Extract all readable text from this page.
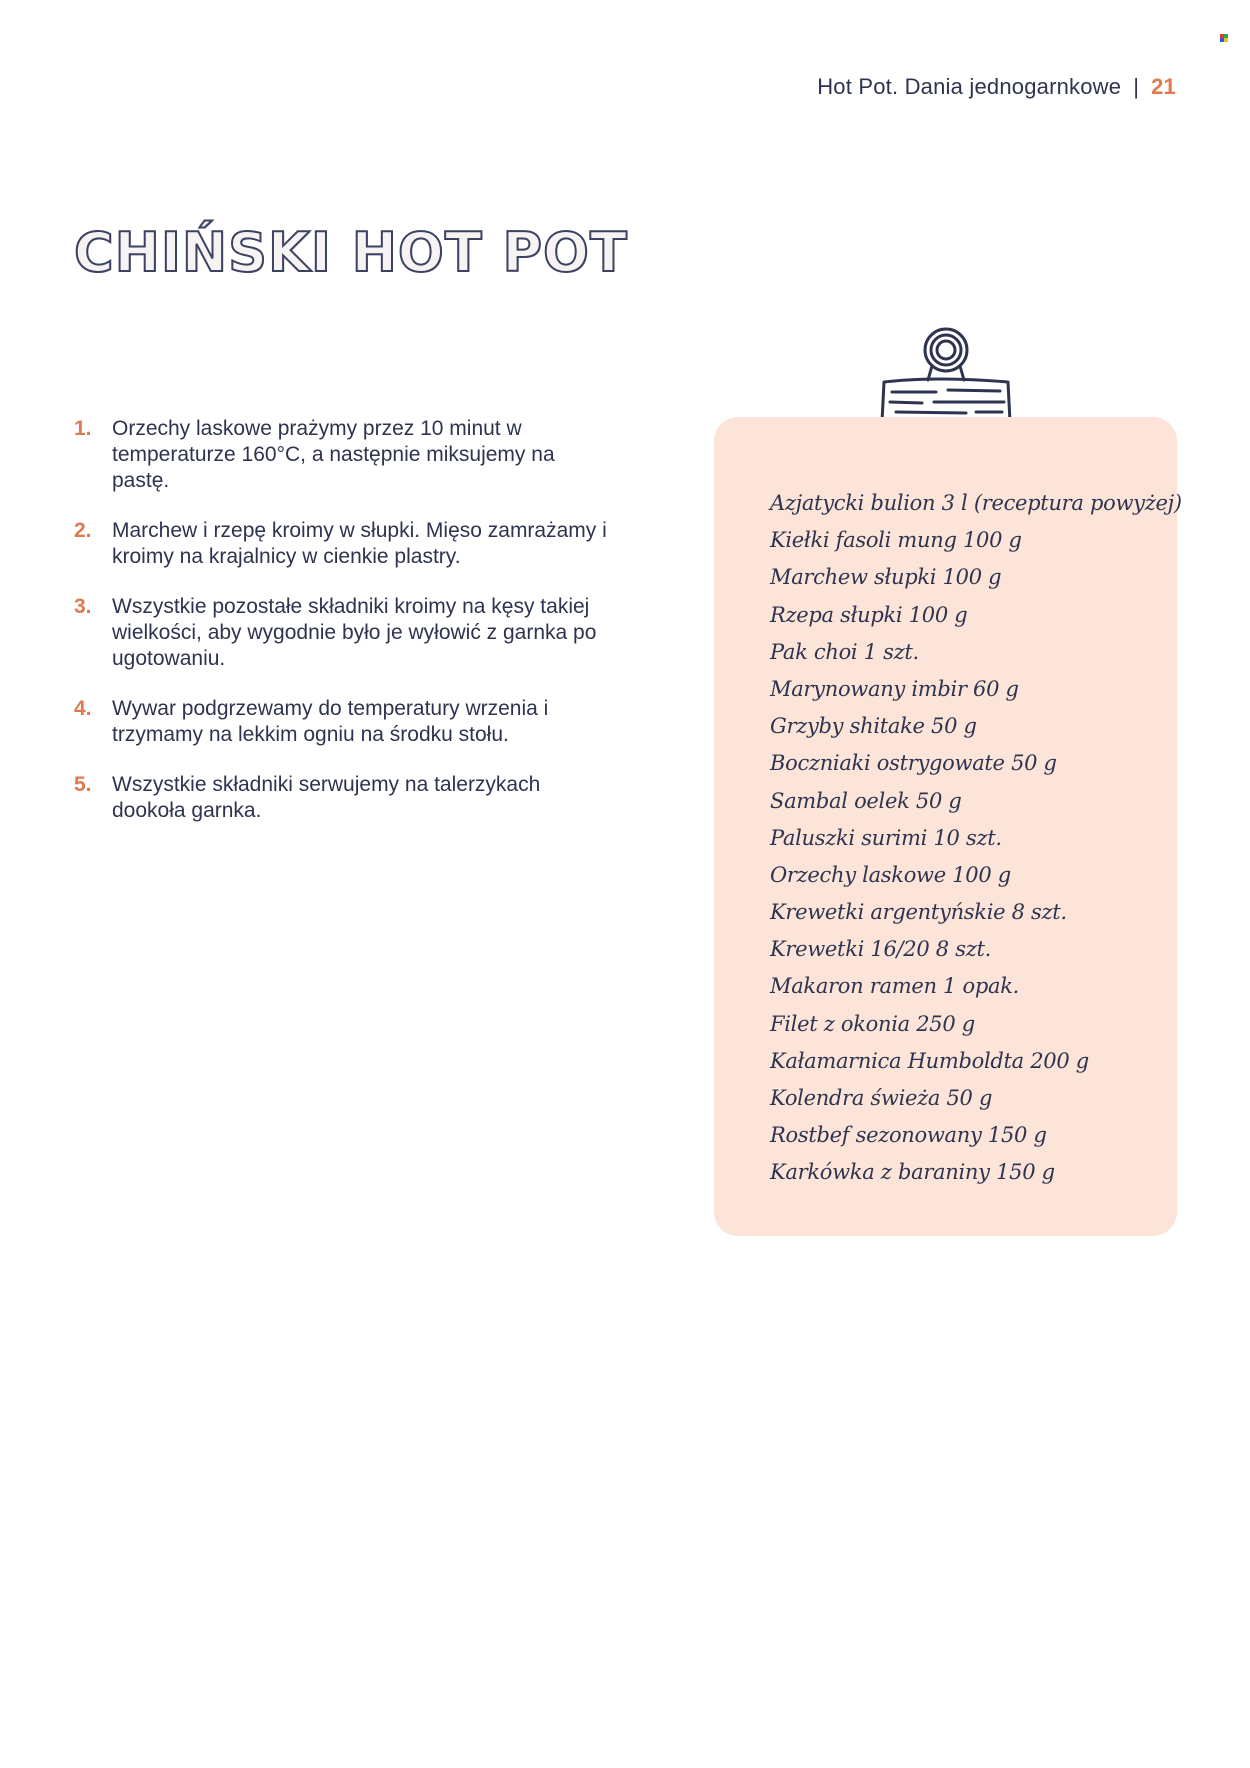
Hot Pot. Dania jednogarnkowe | 21
CHIŃSKI HOT POT
1. Orzechy laskowe prażymy przez 10 minut w temperaturze 160°C, a następnie miksujemy na pastę.
2. Marchew i rzepę kroimy w słupki. Mięso zamrażamy i kroimy na krajalnicy w cienkie plastry.
3. Wszystkie pozostałe składniki kroimy na kęsy takiej wielkości, aby wygodnie było je wyłowić z garnka po ugotowaniu.
4. Wywar podgrzewamy do temperatury wrzenia i trzymamy na lekkim ogniu na środku stołu.
5. Wszystkie składniki serwujemy na talerzykach dookoła garnka.
Azjatycki bulion 3 l (receptura powyżej)
Kiełki fasoli mung 100 g
Marchew słupki 100 g
Rzepa słupki 100 g
Pak choi 1 szt.
Marynowany imbir 60 g
Grzyby shitake 50 g
Boczniaki ostrygowate 50 g
Sambal oelek 50 g
Paluszki surimi 10 szt.
Orzechy laskowe 100 g
Krewetki argentyńskie 8 szt.
Krewetki 16/20 8 szt.
Makaron ramen 1 opak.
Filet z okonia 250 g
Kałamarnica Humboldta 200 g
Kolendra świeża 50 g
Rostbef sezonowany 150 g
Karkówka z baraniny 150 g
